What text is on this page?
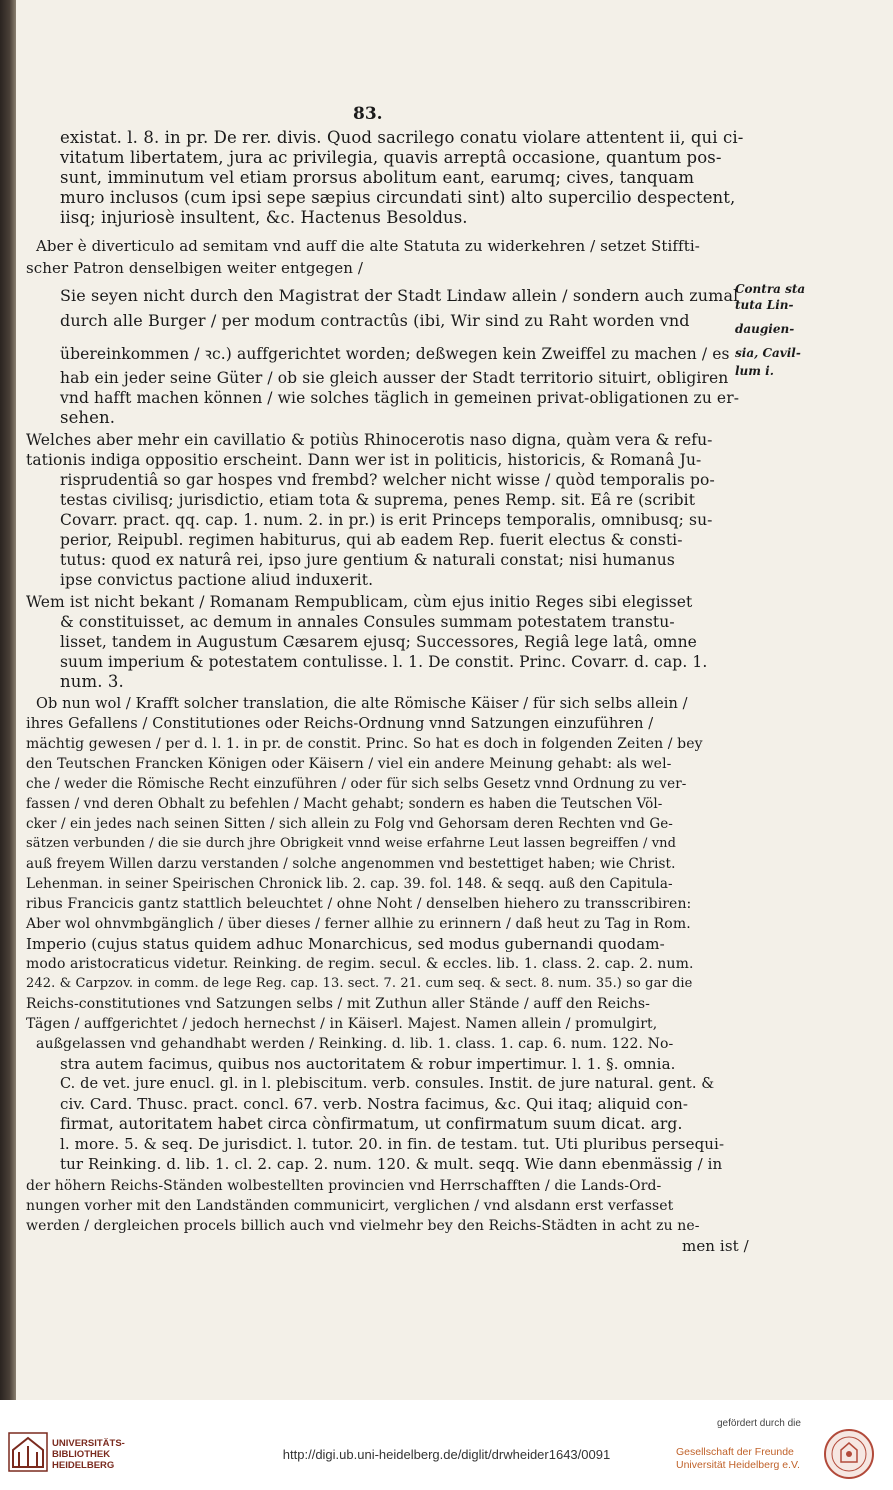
83.
existat. l. 8. in pr. De rer. divis. Quod sacrilego conatu violare attentent ii, qui ci-
vitatum libertatem, jura ac privilegia, quavis arreptâ occasione, quantum pos-
sunt, imminutum vel etiam prorsus abolitum eant, earumq; cives, tanquam
muro inclusos (cum ipsi sepe sæpius circundati sint) alto supercilio despectent,
iisq; injuriosè insultent, &c. Hactenus Besoldus.
Aber è diverticulo ad semitam vnd auff die alte Statuta zu widerkehren / setzet Stiffti-
scher Patron denselbigen weiter entgegen /
Sie seyen nicht durch den Magistrat der Stadt Lindaw allein / sondern auch zumal
durch alle Burger / per modum contractûs (ibi, Wir sind zu Raht worden vnd
übereinkommen / ꝛc.) auffgerichtet worden; deßwegen kein Zweiffel zu machen / es
hab ein jeder seine Güter / ob sie gleich ausser der Stadt territorio situirt, obligiren
vnd hafft machen können / wie solches täglich in gemeinen privat-obligationen zu er-
sehen.
Welches aber mehr ein cavillatio & potiùs Rhinocerotis naso digna, quàm vera & refu-
tationis indiga oppositio erscheint. Dann wer ist in politicis, historicis, & Romanâ Ju-
risprudentiâ so gar hospes vnd frembd? welcher nicht wisse / quòd temporalis po-
testas civilisq; jurisdictio, etiam tota & suprema, penes Remp. sit. Eâ re (scribit
Covarr. pract. qq. cap. 1. num. 2. in pr.) is erit Princeps temporalis, omnibusq; su-
perior, Reipubl. regimen habiturus, qui ab eadem Rep. fuerit electus & consti-
tutus: quod ex naturâ rei, ipso jure gentium & naturali constat; nisi humanus
ipse convictus pactione aliud induxerit.
Wem ist nicht bekant / Romanam Rempublicam, cùm ejus initio Reges sibi elegisset
& constituisset, ac demum in annales Consules summam potestatem transtu-
lisset, tandem in Augustum Cæsarem ejusq; Successores, Regiâ lege latâ, omne
suum imperium & potestatem contulisse. l. 1. De constit. Princ. Covarr. d. cap. 1.
num. 3.
Ob nun wol / Krafft solcher translation, die alte Römische Käiser / für sich selbs allein /
ihres Gefallens / Constitutiones oder Reichs-Ordnung vnnd Satzungen einzuführen /
mächtig gewesen / per d. l. 1. in pr. de constit. Princ. So hat es doch in folgenden Zeiten / bey
den Teutschen Francken Königen oder Käisern / viel ein andere Meinung gehabt: als wel-
che / weder die Römische Recht einzuführen / oder für sich selbs Gesetz vnnd Ordnung zu ver-
fassen / vnd deren Obhalt zu befehlen / Macht gehabt; sondern es haben die Teutschen Völ-
cker / ein jedes nach seinen Sitten / sich allein zu Folg vnd Gehorsam deren Rechten vnd Ge-
sätzen verbunden / die sie durch jhre Obrigkeit vnnd weise erfahrne Leut lassen begreiffen / vnd
auß freyem Willen darzu verstanden / solche angenommen vnd bestettiget haben; wie Christ.
Lehenman. in seiner Speirischen Chronick lib. 2. cap. 39. fol. 148. & seqq. auß den Capitula-
ribus Francicis gantz stattlich beleuchtet / ohne Noht / denselben hiehero zu transscribiren:
Aber wol ohnvmbgänglich / über dieses / ferner allhie zu erinnern / daß heut zu Tag in Rom.
Imperio (cujus status quidem adhuc Monarchicus, sed modus gubernandi quodam-
modo aristocraticus videtur. Reinking. de regim. secul. & eccles. lib. 1. class. 2. cap. 2. num.
242. & Carpzov. in comm. de lege Reg. cap. 13. sect. 7. 21. cum seq. & sect. 8. num. 35.) so gar die
Reichs-constitutiones vnd Satzungen selbs / mit Zuthun aller Stände / auff den Reichs-
Tägen / auffgerichtet / jedoch hernechst / in Käiserl. Majest. Namen allein / promulgirt,
außgelassen vnd gehandhabt werden / Reinking. d. lib. 1. class. 1. cap. 6. num. 122. No-
stra autem facimus, quibus nos auctoritatem & robur impertimur. l. 1. §. omnia.
C. de vet. jure enucl. gl. in l. plebiscitum. verb. consules. Instit. de jure natural. gent. &
civ. Card. Thusc. pract. concl. 67. verb. Nostra facimus, &c. Qui itaq; aliquid con-
firmat, autoritatem habet circa cònfirmatum, ut confirmatum suum dicat. arg.
l. more. 5. & seq. De jurisdict. l. tutor. 20. in fin. de testam. tut. Uti pluribus persequi-
tur Reinking. d. lib. 1. cl. 2. cap. 2. num. 120. & mult. seqq. Wie dann ebenmässig / in
der höhern Reichs-Ständen wolbestellten provincien vnd Herrschafften / die Lands-Ord-
nungen vorher mit den Landständen communicirt, verglichen / vnd alsdann erst verfasset
werden / dergleichen procels billich auch vnd vielmehr bey den Reichs-Städten in acht zu ne-
men ist /
Contra sta
tuta Lin-
daugien-
sia, Cavil-
lum i.
UNIVERSITÄTS-
BIBLIOTHEK
HEIDELBERG
http://digi.ub.uni-heidelberg.de/diglit/drwheider1643/0091
gefördert durch die
Gesellschaft der Freunde
Universität Heidelberg e.V.
